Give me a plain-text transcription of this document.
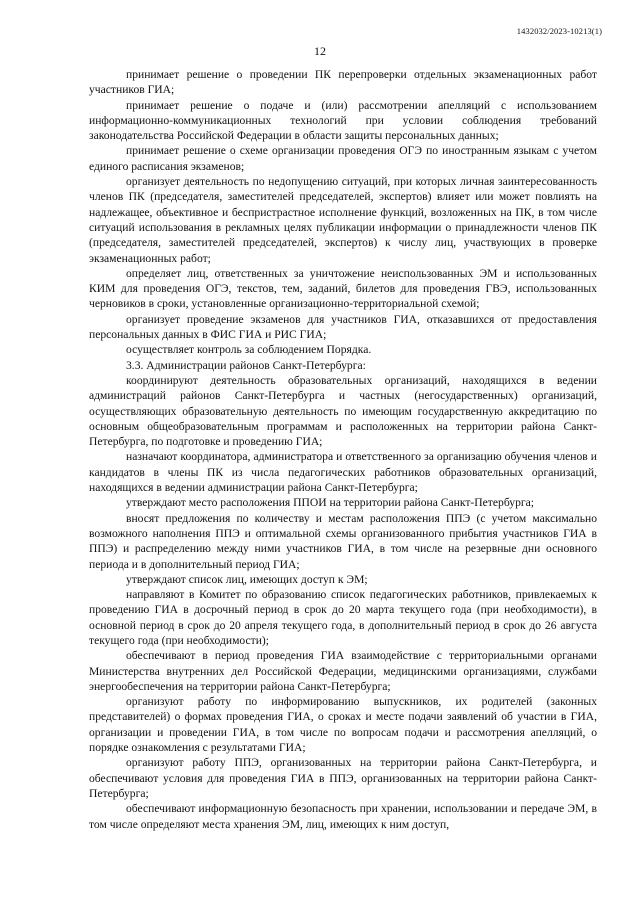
1432032/2023-10213(1)
12

принимает решение о проведении ПК перепроверки отдельных экзаменационных работ участников ГИА;

принимает решение о подаче и (или) рассмотрении апелляций с использованием информационно-коммуникационных технологий при условии соблюдения требований законодательства Российской Федерации в области защиты персональных данных;

принимает решение о схеме организации проведения ОГЭ по иностранным языкам с учетом единого расписания экзаменов;

организует деятельность по недопущению ситуаций, при которых личная заинтересованность членов ПК (председателя, заместителей председателей, экспертов) влияет или может повлиять на надлежащее, объективное и беспристрастное исполнение функций, возложенных на ПК, в том числе ситуаций использования в рекламных целях публикации информации о принадлежности членов ПК (председателя, заместителей председателей, экспертов) к числу лиц, участвующих в проверке экзаменационных работ;

определяет лиц, ответственных за уничтожение неиспользованных ЭМ и использованных КИМ для проведения ОГЭ, текстов, тем, заданий, билетов для проведения ГВЭ, использованных черновиков в сроки, установленные организационно-территориальной схемой;

организует проведение экзаменов для участников ГИА, отказавшихся от предоставления персональных данных в ФИС ГИА и РИС ГИА;

осуществляет контроль за соблюдением Порядка.

3.3. Администрации районов Санкт-Петербурга:

координируют деятельность образовательных организаций, находящихся в ведении администраций районов Санкт-Петербурга и частных (негосударственных) организаций, осуществляющих образовательную деятельность по имеющим государственную аккредитацию по основным общеобразовательным программам и расположенных на территории района Санкт-Петербурга, по подготовке и проведению ГИА;

назначают координатора, администратора и ответственного за организацию обучения членов и кандидатов в члены ПК из числа педагогических работников образовательных организаций, находящихся в ведении администрации района Санкт-Петербурга;

утверждают место расположения ППОИ на территории района Санкт-Петербурга;

вносят предложения по количеству и местам расположения ППЭ (с учетом максимально возможного наполнения ППЭ и оптимальной схемы организованного прибытия участников ГИА в ППЭ) и распределению между ними участников ГИА, в том числе на резервные дни основного периода и в дополнительный период ГИА;

утверждают список лиц, имеющих доступ к ЭМ;

направляют в Комитет по образованию список педагогических работников, привлекаемых к проведению ГИА в досрочный период в срок до 20 марта текущего года (при необходимости), в основной период в срок до 20 апреля текущего года, в дополнительный период в срок до 26 августа текущего года (при необходимости);

обеспечивают в период проведения ГИА взаимодействие с территориальными органами Министерства внутренних дел Российской Федерации, медицинскими организациями, службами энергообеспечения на территории района Санкт-Петербурга;

организуют работу по информированию выпускников, их родителей (законных представителей) о формах проведения ГИА, о сроках и месте подачи заявлений об участии в ГИА, организации и проведении ГИА, в том числе по вопросам подачи и рассмотрения апелляций, о порядке ознакомления с результатами ГИА;

организуют работу ППЭ, организованных на территории района Санкт-Петербурга, и обеспечивают условия для проведения ГИА в ППЭ, организованных на территории района Санкт-Петербурга;

обеспечивают информационную безопасность при хранении, использовании и передаче ЭМ, в том числе определяют места хранения ЭМ, лиц, имеющих к ним доступ,
